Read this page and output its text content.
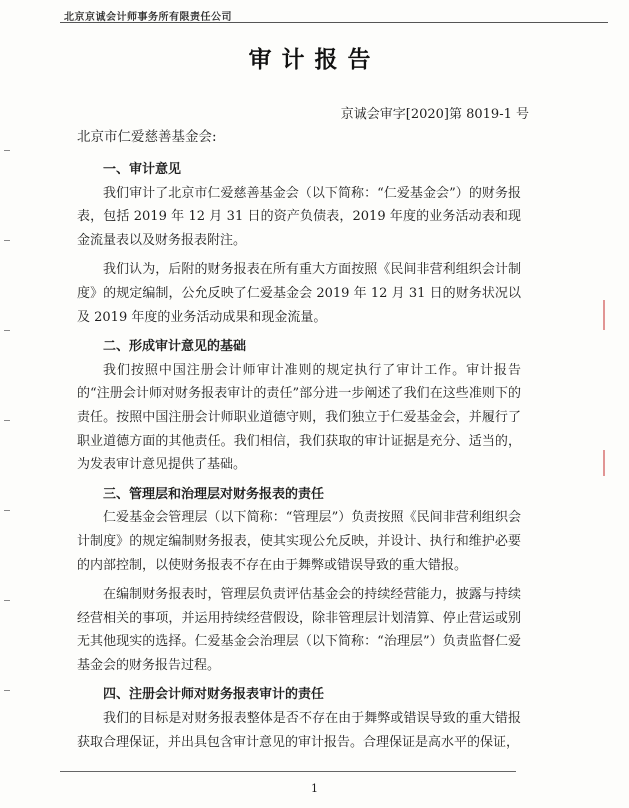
北京京诚会计师事务所有限责任公司
审计报告
京诚会审字[2020]第 8019-1 号
北京市仁爱慈善基金会:
一、审计意见

我们审计了北京市仁爱慈善基金会（以下简称：“仁爱基金会”）的财务报表，包括 2019 年 12 月 31 日的资产负债表，2019 年度的业务活动表和现金流量表以及财务报表附注。

我们认为，后附的财务报表在所有重大方面按照《民间非营利组织会计制度》的规定编制，公允反映了仁爱基金会 2019 年 12 月 31 日的财务状况以及 2019 年度的业务活动成果和现金流量。

二、形成审计意见的基础

我们按照中国注册会计师审计准则的规定执行了审计工作。审计报告的“注册会计师对财务报表审计的责任”部分进一步阐述了我们在这些准则下的责任。按照中国注册会计师职业道德守则，我们独立于仁爱基金会，并履行了职业道德方面的其他责任。我们相信，我们获取的审计证据是充分、适当的，为发表审计意见提供了基础。

三、管理层和治理层对财务报表的责任

仁爱基金会管理层（以下简称：“管理层”）负责按照《民间非营利组织会计制度》的规定编制财务报表，使其实现公允反映，并设计、执行和维护必要的内部控制，以使财务报表不存在由于舞弊或错误导致的重大错报。

在编制财务报表时，管理层负责评估基金会的持续经营能力，披露与持续经营相关的事项，并运用持续经营假设，除非管理层计划清算、停止营运或别无其他现实的选择。仁爱基金会治理层（以下简称：“治理层”）负责监督仁爱基金会的财务报告过程。

四、注册会计师对财务报表审计的责任

我们的目标是对财务报表整体是否不存在由于舞弊或错误导致的重大错报获取合理保证，并出具包含审计意见的审计报告。合理保证是高水平的保证，

1
